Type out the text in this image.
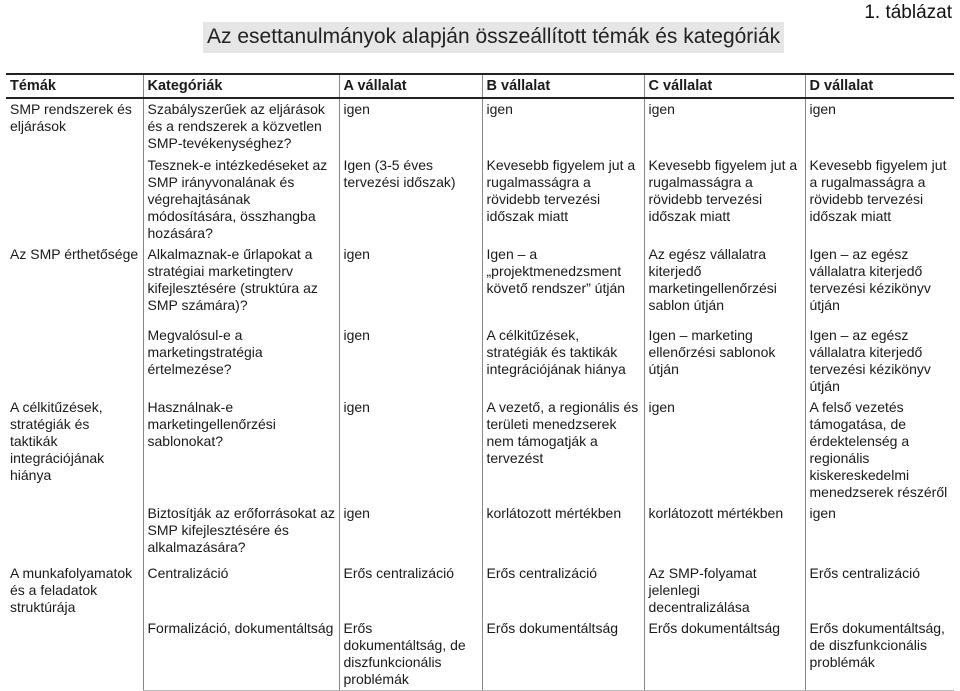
Az esettanulmányok alapján összeállított témák és kategóriák
1. táblázat
Témák	Kategóriák	A vállalat	B vállalat	C vállalat	D vállalat
SMP rendszerek és eljárások	Szabályszerűek az eljárások és a rendszerek a közvetlen SMP-tevékenységhez?	igen	igen	igen	igen
	Tesznek-e intézkedéseket az SMP irányvonalának és végrehajtásának módosítására, összhangba hozására?	Igen (3-5 éves tervezési időszak)	Kevesebb figyelem jut a rugalmasságra a rövidebb tervezési időszak miatt	Kevesebb figyelem jut a rugalmasságra a rövidebb tervezési időszak miatt	Kevesebb figyelem jut a rugalmasságra a rövidebb tervezési időszak miatt
Az SMP érthetősége	Alkalmaznak-e űrlapokat a stratégiai marketingterv kifejlesztésére (struktúra az SMP számára)?	igen	Igen – a „projektmenedzsment követő rendszer” útján	Az egész vállalatra kiterjedő marketingellenőrzési sablon útján	Igen – az egész vállalatra kiterjedő tervezési kézikönyv útján
	Megvalósul-e a marketingstratégia értelmezése?	igen	A célkitűzések, stratégiák és taktikák integrációjának hiánya	Igen – marketing ellenőrzési sablonok útján	Igen – az egész vállalatra kiterjedő tervezési kézikönyv útján
A célkitűzések, stratégiák és taktikák integrációjának hiánya	Használnak-e marketingellenőrzési sablonokat?	igen	A vezető, a regionális és területi menedzserek nem támogatják a tervezést	igen	A felső vezetés támogatása, de érdektelenség a regionális kiskereskedelmi menedzserek részéről
	Biztosítják az erőforrásokat az SMP kifejlesztésére és alkalmazására?	igen	korlátozott mértékben	korlátozott mértékben	igen
A munkafolyamatok és a feladatok struktúrája	Centralizáció	Erős centralizáció	Erős centralizáció	Az SMP-folyamat jelenlegi decentralizálása	Erős centralizáció
	Formalizáció, dokumentáltság	Erős dokumentáltság, de diszfunkcionális problémák	Erős dokumentáltság	Erős dokumentáltság	Erős dokumentáltság, de diszfunkcionális problémák
